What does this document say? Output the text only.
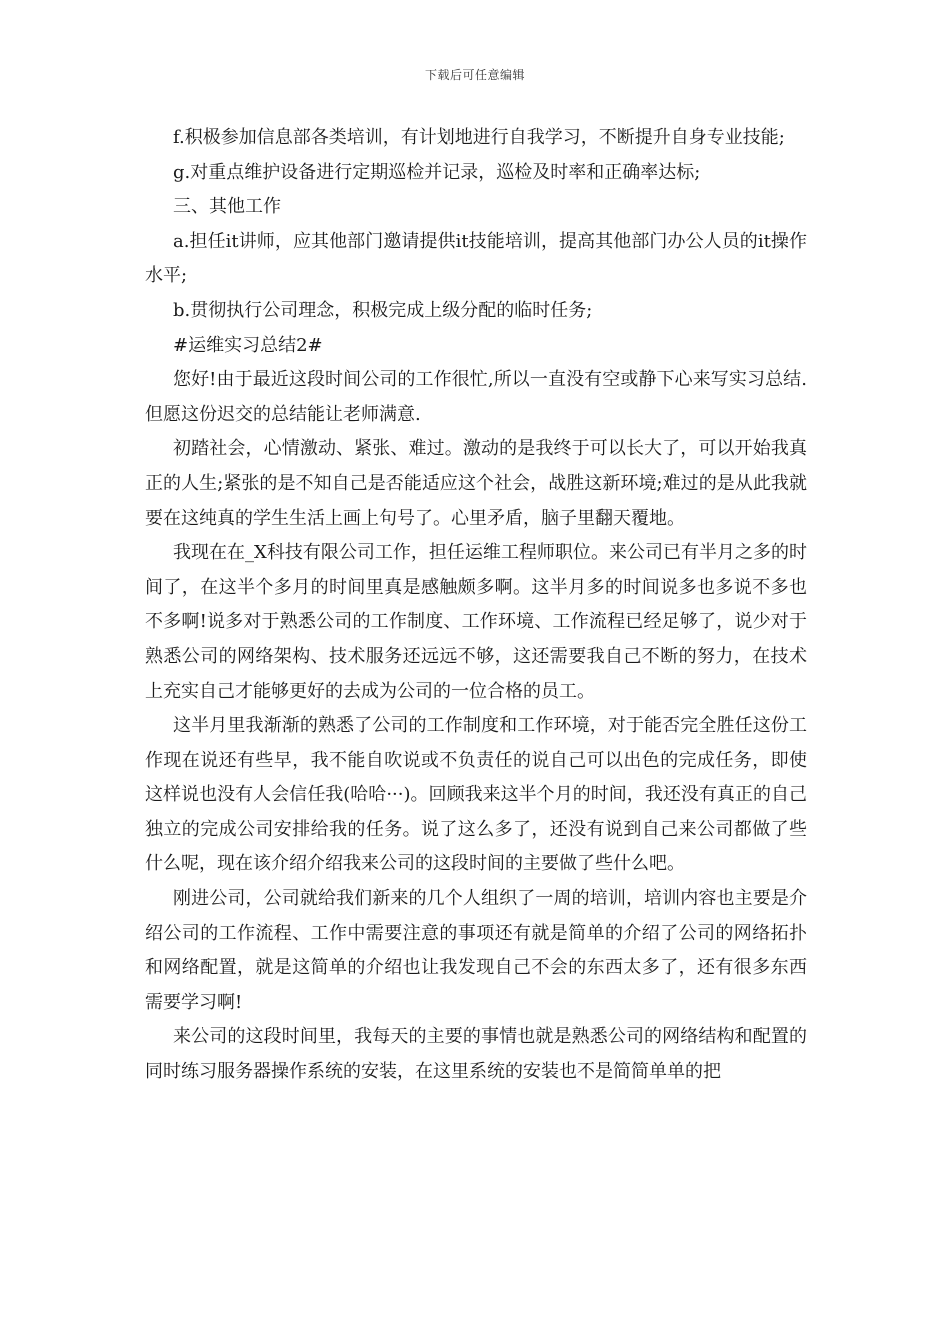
下载后可任意编辑

f.积极参加信息部各类培训，有计划地进行自我学习，不断提升自身专业技能;

g.对重点维护设备进行定期巡检并记录，巡检及时率和正确率达标;

三、其他工作

a.担任it讲师，应其他部门邀请提供it技能培训，提高其他部门办公人员的it操作水平;

b.贯彻执行公司理念，积极完成上级分配的临时任务;

#运维实习总结2#

您好!由于最近这段时间公司的工作很忙,所以一直没有空或静下心来写实习总结.但愿这份迟交的总结能让老师满意.

初踏社会，心情激动、紧张、难过。激动的是我终于可以长大了，可以开始我真正的人生;紧张的是不知自己是否能适应这个社会，战胜这新环境;难过的是从此我就要在这纯真的学生生活上画上句号了。心里矛盾，脑子里翻天覆地。

我现在在_X科技有限公司工作，担任运维工程师职位。来公司已有半月之多的时间了，在这半个多月的时间里真是感触颇多啊。这半月多的时间说多也多说不多也不多啊!说多对于熟悉公司的工作制度、工作环境、工作流程已经足够了，说少对于熟悉公司的网络架构、技术服务还远远不够，这还需要我自己不断的努力，在技术上充实自己才能够更好的去成为公司的一位合格的员工。

这半月里我渐渐的熟悉了公司的工作制度和工作环境，对于能否完全胜任这份工作现在说还有些早，我不能自吹说或不负责任的说自己可以出色的完成任务，即使这样说也没有人会信任我(哈哈···)。回顾我来这半个月的时间，我还没有真正的自己独立的完成公司安排给我的任务。说了这么多了，还没有说到自己来公司都做了些什么呢，现在该介绍介绍我来公司的这段时间的主要做了些什么吧。

刚进公司，公司就给我们新来的几个人组织了一周的培训，培训内容也主要是介绍公司的工作流程、工作中需要注意的事项还有就是简单的介绍了公司的网络拓扑和网络配置，就是这简单的介绍也让我发现自己不会的东西太多了，还有很多东西需要学习啊!

来公司的这段时间里，我每天的主要的事情也就是熟悉公司的网络结构和配置的同时练习服务器操作系统的安装，在这里系统的安装也不是简简单单的把
